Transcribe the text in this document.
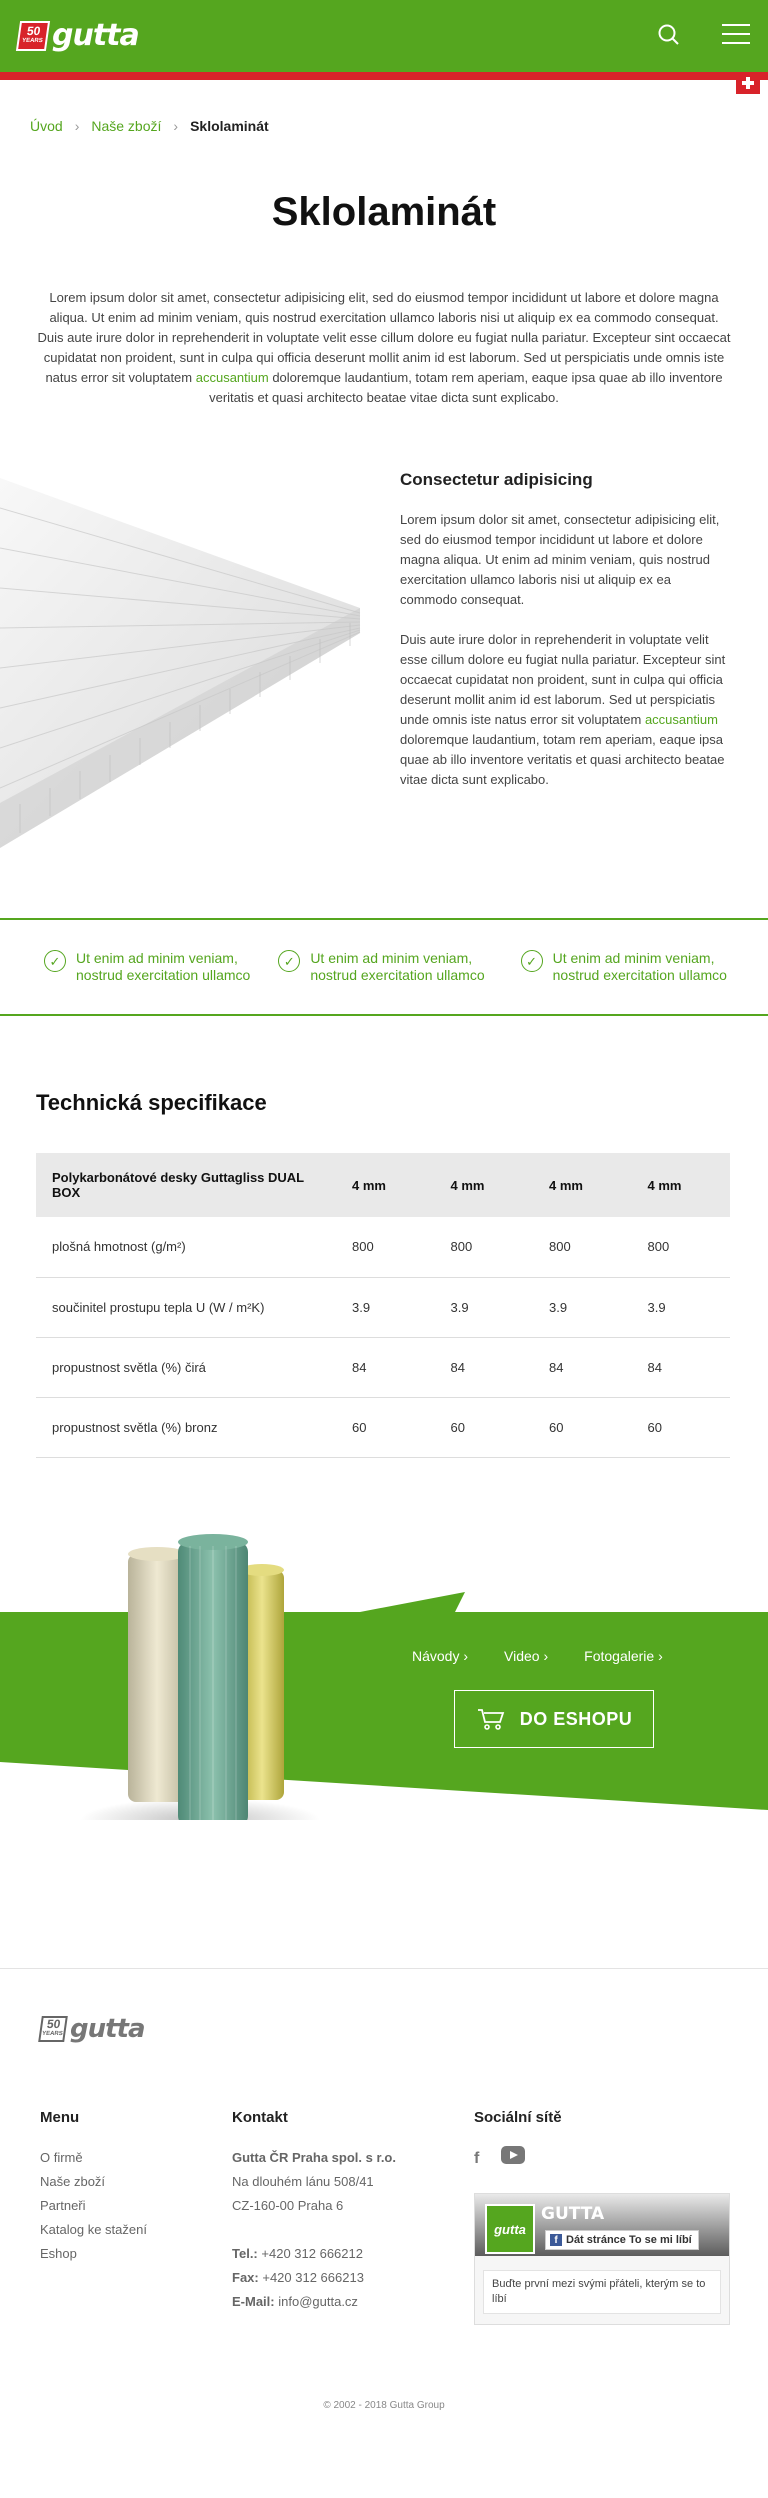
50
YEARS gutta
Úvod › Naše zboží › Sklolaminát
Sklolaminát

Lorem ipsum dolor sit amet, consectetur adipisicing elit, sed do eiusmod tempor incididunt ut labore et dolore magna aliqua. Ut enim ad minim veniam, quis nostrud exercitation ullamco laboris nisi ut aliquip ex ea commodo consequat. Duis aute irure dolor in reprehenderit in voluptate velit esse cillum dolore eu fugiat nulla pariatur. Excepteur sint occaecat cupidatat non proident, sunt in culpa qui officia deserunt mollit anim id est laborum. Sed ut perspiciatis unde omnis iste natus error sit voluptatem accusantium doloremque laudantium, totam rem aperiam, eaque ipsa quae ab illo inventore veritatis et quasi architecto beatae vitae dicta sunt explicabo.

Consectetur adipisicing

Lorem ipsum dolor sit amet, consectetur adipisicing elit, sed do eiusmod tempor incididunt ut labore et dolore magna aliqua. Ut enim ad minim veniam, quis nostrud exercitation ullamco laboris nisi ut aliquip ex ea commodo consequat.

Duis aute irure dolor in reprehenderit in voluptate velit esse cillum dolore eu fugiat nulla pariatur. Excepteur sint occaecat cupidatat non proident, sunt in culpa qui officia deserunt mollit anim id est laborum. Sed ut perspiciatis unde omnis iste natus error sit voluptatem accusantium doloremque laudantium, totam rem aperiam, eaque ipsa quae ab illo inventore veritatis et quasi architecto beatae vitae dicta sunt explicabo.

✓	Ut enim ad minim veniam,
nostrud exercitation ullamco
✓	Ut enim ad minim veniam,
nostrud exercitation ullamco
✓	Ut enim ad minim veniam,
nostrud exercitation ullamco
Technická specifikace
Polykarbonátové desky Guttagliss DUAL BOX	4 mm	4 mm	4 mm	4 mm
plošná hmotnost (g/m²)	800	800	800	800
součinitel prostupu tepla U (W / m²K)	3.9	3.9	3.9	3.9
propustnost světla (%) čirá	84	84	84	84
propustnost světla (%) bronz	60	60	60	60
Návody ›	Video ›	Fotogalerie ›
DO ESHOPU
50
YEARS gutta
Menu
O firmě
Naše zboží
Partneři
Katalog ke stažení
Eshop
Kontakt
Gutta ČR Praha spol. s r.o.
Na dlouhém lánu 508/41
CZ-160-00 Praha 6
Tel.: +420 312 666212
Fax: +420 312 666213
E-Mail: info@gutta.cz
Sociální sítě
f
gutta
GUTTA
f Dát stránce To se mi líbí
Buďte první mezi svými přáteli, kterým se to líbí
© 2002 - 2018 Gutta Group
